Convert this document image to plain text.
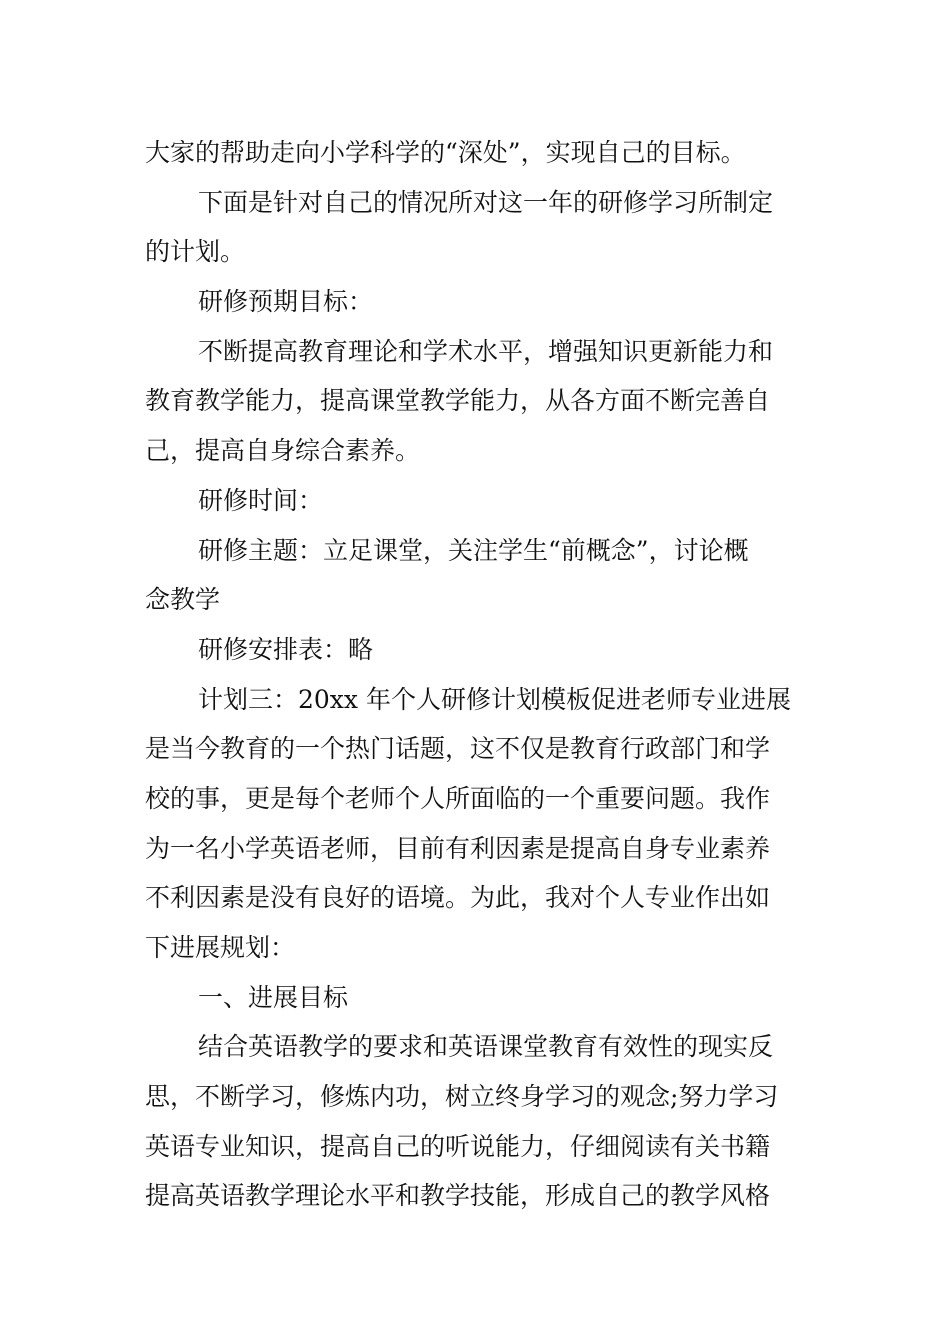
大家的帮助走向小学科学的“深处”，实现自己的目标。
下面是针对自己的情况所对这一年的研修学习所制定
的计划。
研修预期目标：
不断提高教育理论和学术水平，增强知识更新能力和
教育教学能力，提高课堂教学能力，从各方面不断完善自
己，提高自身综合素养。
研修时间：
研修主题：立足课堂，关注学生“前概念”，讨论概
念教学
研修安排表：略
计划三：20xx 年个人研修计划模板促进老师专业进展
是当今教育的一个热门话题，这不仅是教育行政部门和学
校的事，更是每个老师个人所面临的一个重要问题。我作
为一名小学英语老师，目前有利因素是提高自身专业素养
不利因素是没有良好的语境。为此，我对个人专业作出如
下进展规划：
一、进展目标
结合英语教学的要求和英语课堂教育有效性的现实反
思，不断学习，修炼内功，树立终身学习的观念;努力学习
英语专业知识，提高自己的听说能力，仔细阅读有关书籍
提高英语教学理论水平和教学技能，形成自己的教学风格
